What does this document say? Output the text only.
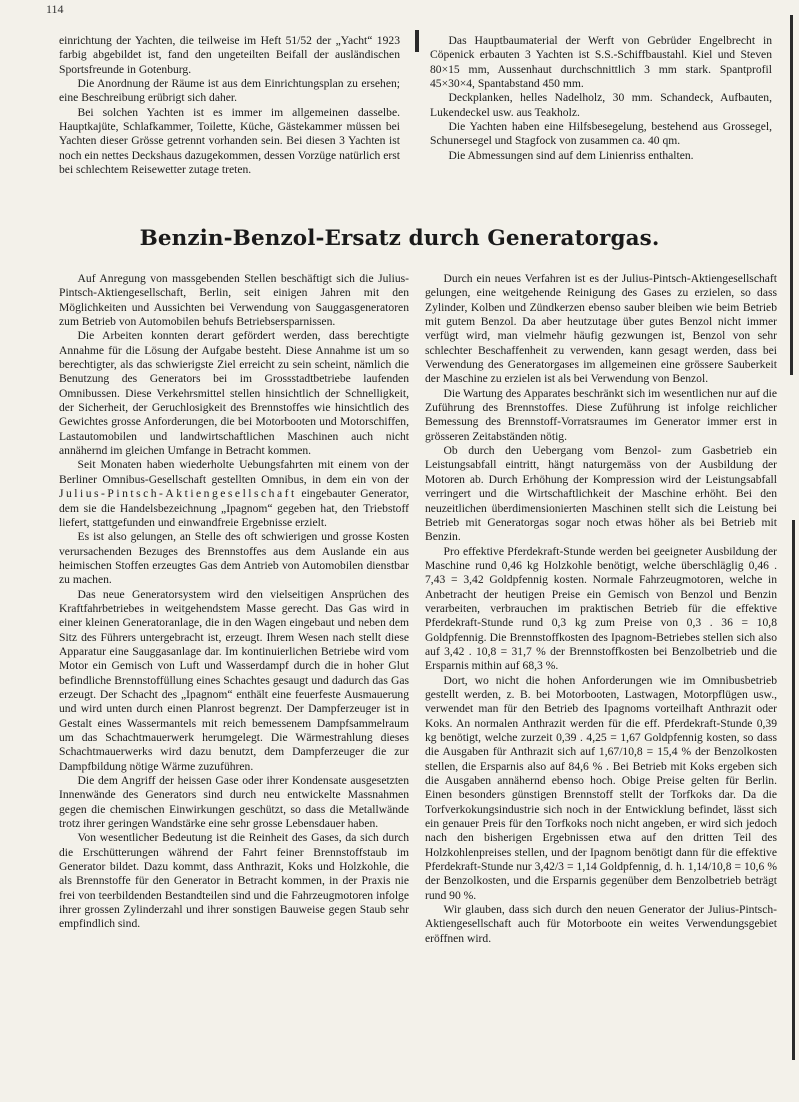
114

einrichtung der Yachten, die teilweise im Heft 51/52 der „Yacht“ 1923 farbig abgebildet ist, fand den ungeteilten Beifall der ausländischen Sportsfreunde in Gotenburg.

Die Anordnung der Räume ist aus dem Einrichtungsplan zu ersehen; eine Beschreibung erübrigt sich daher.

Bei solchen Yachten ist es immer im allgemeinen dasselbe. Hauptkajüte, Schlafkammer, Toilette, Küche, Gästekammer müssen bei Yachten dieser Grösse getrennt vorhanden sein. Bei diesen 3 Yachten ist noch ein nettes Deckshaus dazugekommen, dessen Vorzüge natürlich erst bei schlechtem Reisewetter zutage treten.

Das Hauptbaumaterial der Werft von Gebrüder Engelbrecht in Cöpenick erbauten 3 Yachten ist S.S.-Schiffbaustahl. Kiel und Steven 80×15 mm, Aussenhaut durchschnittlich 3 mm stark. Spantprofil 45×30×4, Spantabstand 450 mm.

Deckplanken, helles Nadelholz, 30 mm. Schandeck, Aufbauten, Lukendeckel usw. aus Teakholz.

Die Yachten haben eine Hilfsbesegelung, bestehend aus Grossegel, Schunersegel und Stagfock von zusammen ca. 40 qm.

Die Abmessungen sind auf dem Linienriss enthalten.

Benzin-Benzol-Ersatz durch Generatorgas.

Auf Anregung von massgebenden Stellen beschäftigt sich die Julius-Pintsch-Aktiengesellschaft, Berlin, seit einigen Jahren mit den Möglichkeiten und Aussichten bei Verwendung von Sauggasgeneratoren zum Betrieb von Automobilen behufs Betriebsersparnissen.

Die Arbeiten konnten derart gefördert werden, dass berechtigte Annahme für die Lösung der Aufgabe besteht. Diese Annahme ist um so berechtigter, als das schwierigste Ziel erreicht zu sein scheint, nämlich die Benutzung des Generators bei im Grossstadtbetriebe laufenden Omnibussen. Diese Verkehrsmittel stellen hinsichtlich der Schnelligkeit, der Sicherheit, der Geruchlosigkeit des Brennstoffes wie hinsichtlich des Gewichtes grosse Anforderungen, die bei Motorbooten und Motorschiffen, Lastautomobilen und landwirtschaftlichen Maschinen auch nicht annähernd im gleichen Umfange in Betracht kommen.

Seit Monaten haben wiederholte Uebungsfahrten mit einem von der Berliner Omnibus-Gesellschaft gestellten Omnibus, in dem ein von der Julius-Pintsch-Aktiengesellschaft eingebauter Generator, dem sie die Handelsbezeichnung „Ipagnom“ gegeben hat, den Triebstoff liefert, stattgefunden und einwandfreie Ergebnisse erzielt.

Es ist also gelungen, an Stelle des oft schwierigen und grosse Kosten verursachenden Bezuges des Brennstoffes aus dem Auslande ein aus heimischen Stoffen erzeugtes Gas dem Antrieb von Automobilen dienstbar zu machen.

Das neue Generatorsystem wird den vielseitigen Ansprüchen des Kraftfahrbetriebes in weitgehendstem Masse gerecht. Das Gas wird in einer kleinen Generatoranlage, die in den Wagen eingebaut und neben dem Sitz des Führers untergebracht ist, erzeugt. Ihrem Wesen nach stellt diese Apparatur eine Sauggasanlage dar. Im kontinuierlichen Betriebe wird vom Motor ein Gemisch von Luft und Wasserdampf durch die in hoher Glut befindliche Brennstoffüllung eines Schachtes gesaugt und dadurch das Gas erzeugt. Der Schacht des „Ipagnom“ enthält eine feuerfeste Ausmauerung und wird unten durch einen Planrost begrenzt. Der Dampferzeuger ist in Gestalt eines Wassermantels mit reich bemessenem Dampfsammelraum um das Schachtmauerwerk herumgelegt. Die Wärmestrahlung dieses Schachtmauerwerks wird dazu benutzt, dem Dampferzeuger die zur Dampfbildung nötige Wärme zuzuführen.

Die dem Angriff der heissen Gase oder ihrer Kondensate ausgesetzten Innenwände des Generators sind durch neu entwickelte Massnahmen gegen die chemischen Einwirkungen geschützt, so dass die Metallwände trotz ihrer geringen Wandstärke eine sehr grosse Lebensdauer haben.

Von wesentlicher Bedeutung ist die Reinheit des Gases, da sich durch die Erschütterungen während der Fahrt feiner Brennstoffstaub im Generator bildet. Dazu kommt, dass Anthrazit, Koks und Holzkohle, die als Brennstoffe für den Generator in Betracht kommen, in der Praxis nie frei von teerbildenden Bestandteilen sind und die Fahrzeugmotoren infolge ihrer grossen Zylinderzahl und ihrer sonstigen Bauweise gegen Staub sehr empfindlich sind.

Durch ein neues Verfahren ist es der Julius-Pintsch-Aktiengesellschaft gelungen, eine weitgehende Reinigung des Gases zu erzielen, so dass Zylinder, Kolben und Zündkerzen ebenso sauber bleiben wie beim Betrieb mit gutem Benzol. Da aber heutzutage über gutes Benzol nicht immer verfügt wird, man vielmehr häufig gezwungen ist, Benzol von sehr schlechter Beschaffenheit zu verwenden, kann gesagt werden, dass bei Verwendung des Generatorgases im allgemeinen eine grössere Sauberkeit der Maschine zu erzielen ist als bei Verwendung von Benzol.

Die Wartung des Apparates beschränkt sich im wesentlichen nur auf die Zuführung des Brennstoffes. Diese Zuführung ist infolge reichlicher Bemessung des Brennstoff-Vorratsraumes im Generator immer erst in grösseren Zeitabständen nötig.

Ob durch den Uebergang vom Benzol- zum Gasbetrieb ein Leistungsabfall eintritt, hängt naturgemäss von der Ausbildung der Motoren ab. Durch Erhöhung der Kompression wird der Leistungsabfall verringert und die Wirtschaftlichkeit der Maschine erhöht. Bei den neuzeitlichen überdimensionierten Maschinen stellt sich die Leistung bei Betrieb mit Generatorgas sogar noch etwas höher als bei Betrieb mit Benzin.

Pro effektive Pferdekraft-Stunde werden bei geeigneter Ausbildung der Maschine rund 0,46 kg Holzkohle benötigt, welche überschläglig 0,46 . 7,43 = 3,42 Goldpfennig kosten. Normale Fahrzeugmotoren, welche in Anbetracht der heutigen Preise ein Gemisch von Benzol und Benzin verarbeiten, verbrauchen im praktischen Betrieb für die effektive Pferdekraft-Stunde rund 0,3 kg zum Preise von 0,3 . 36 = 10,8 Goldpfennig. Die Brennstoffkosten des Ipagnom-Betriebes stellen sich also auf 3,42 . 10,8 = 31,7 % der Brennstoffkosten bei Benzolbetrieb und die Ersparnis mithin auf 68,3 %.

Dort, wo nicht die hohen Anforderungen wie im Omnibusbetrieb gestellt werden, z. B. bei Motorbooten, Lastwagen, Motorpflügen usw., verwendet man für den Betrieb des Ipagnoms vorteilhaft Anthrazit oder Koks. An normalen Anthrazit werden für die eff. Pferdekraft-Stunde 0,39 kg benötigt, welche zurzeit 0,39 . 4,25 = 1,67 Goldpfennig kosten, so dass die Ausgaben für Anthrazit sich auf 1,67/10,8 = 15,4 % der Benzolkosten stellen, die Ersparnis also auf 84,6 % . Bei Betrieb mit Koks ergeben sich die Ausgaben annähernd ebenso hoch. Obige Preise gelten für Berlin. Einen besonders günstigen Brennstoff stellt der Torfkoks dar. Da die Torfverkokungsindustrie sich noch in der Entwicklung befindet, lässt sich ein genauer Preis für den Torfkoks noch nicht angeben, er wird sich jedoch nach den bisherigen Ergebnissen etwa auf den dritten Teil des Holzkohlenpreises stellen, und der Ipagnom benötigt dann für die effektive Pferdekraft-Stunde nur 3,42/3 = 1,14 Goldpfennig, d. h. 1,14/10,8 = 10,6 % der Benzolkosten, und die Ersparnis gegenüber dem Benzolbetrieb beträgt rund 90 %.

Wir glauben, dass sich durch den neuen Generator der Julius-Pintsch-Aktiengesellschaft auch für Motorboote ein weites Verwendungsgebiet eröffnen wird.
